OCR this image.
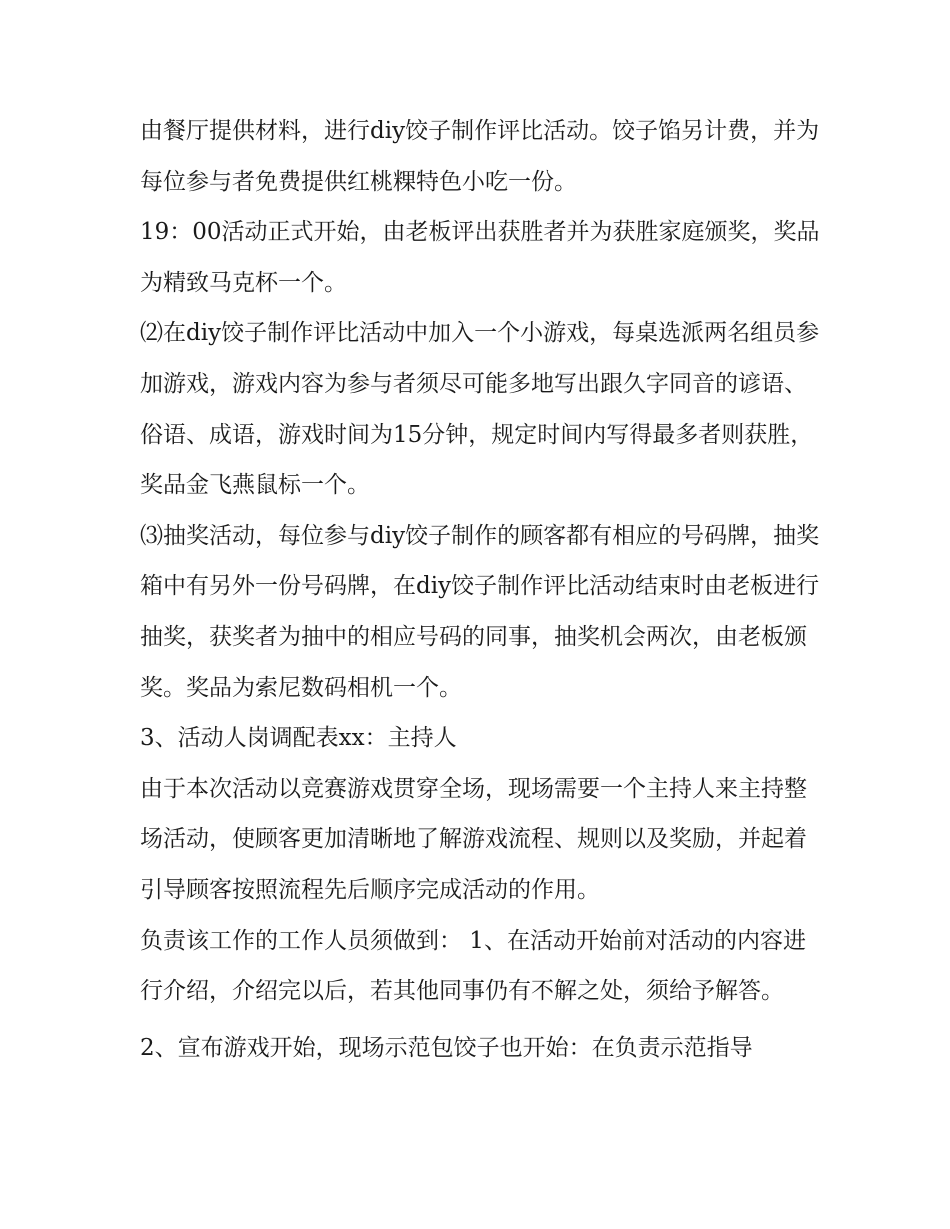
由餐厅提供材料，进行diy饺子制作评比活动。饺子馅另计费，并为每位参与者免费提供红桃粿特色小吃一份。

19：00活动正式开始，由老板评出获胜者并为获胜家庭颁奖，奖品为精致马克杯一个。

⑵在diy饺子制作评比活动中加入一个小游戏，每桌选派两名组员参加游戏，游戏内容为参与者须尽可能多地写出跟久字同音的谚语、俗语、成语，游戏时间为15分钟，规定时间内写得最多者则获胜，奖品金飞燕鼠标一个。

⑶抽奖活动，每位参与diy饺子制作的顾客都有相应的号码牌，抽奖箱中有另外一份号码牌，在diy饺子制作评比活动结束时由老板进行抽奖，获奖者为抽中的相应号码的同事，抽奖机会两次，由老板颁奖。奖品为索尼数码相机一个。

3、活动人岗调配表xx：主持人

由于本次活动以竞赛游戏贯穿全场，现场需要一个主持人来主持整场活动，使顾客更加清晰地了解游戏流程、规则以及奖励，并起着引导顾客按照流程先后顺序完成活动的作用。

负责该工作的工作人员须做到： 1、在活动开始前对活动的内容进行介绍，介绍完以后，若其他同事仍有不解之处，须给予解答。

2、宣布游戏开始，现场示范包饺子也开始：在负责示范指导
